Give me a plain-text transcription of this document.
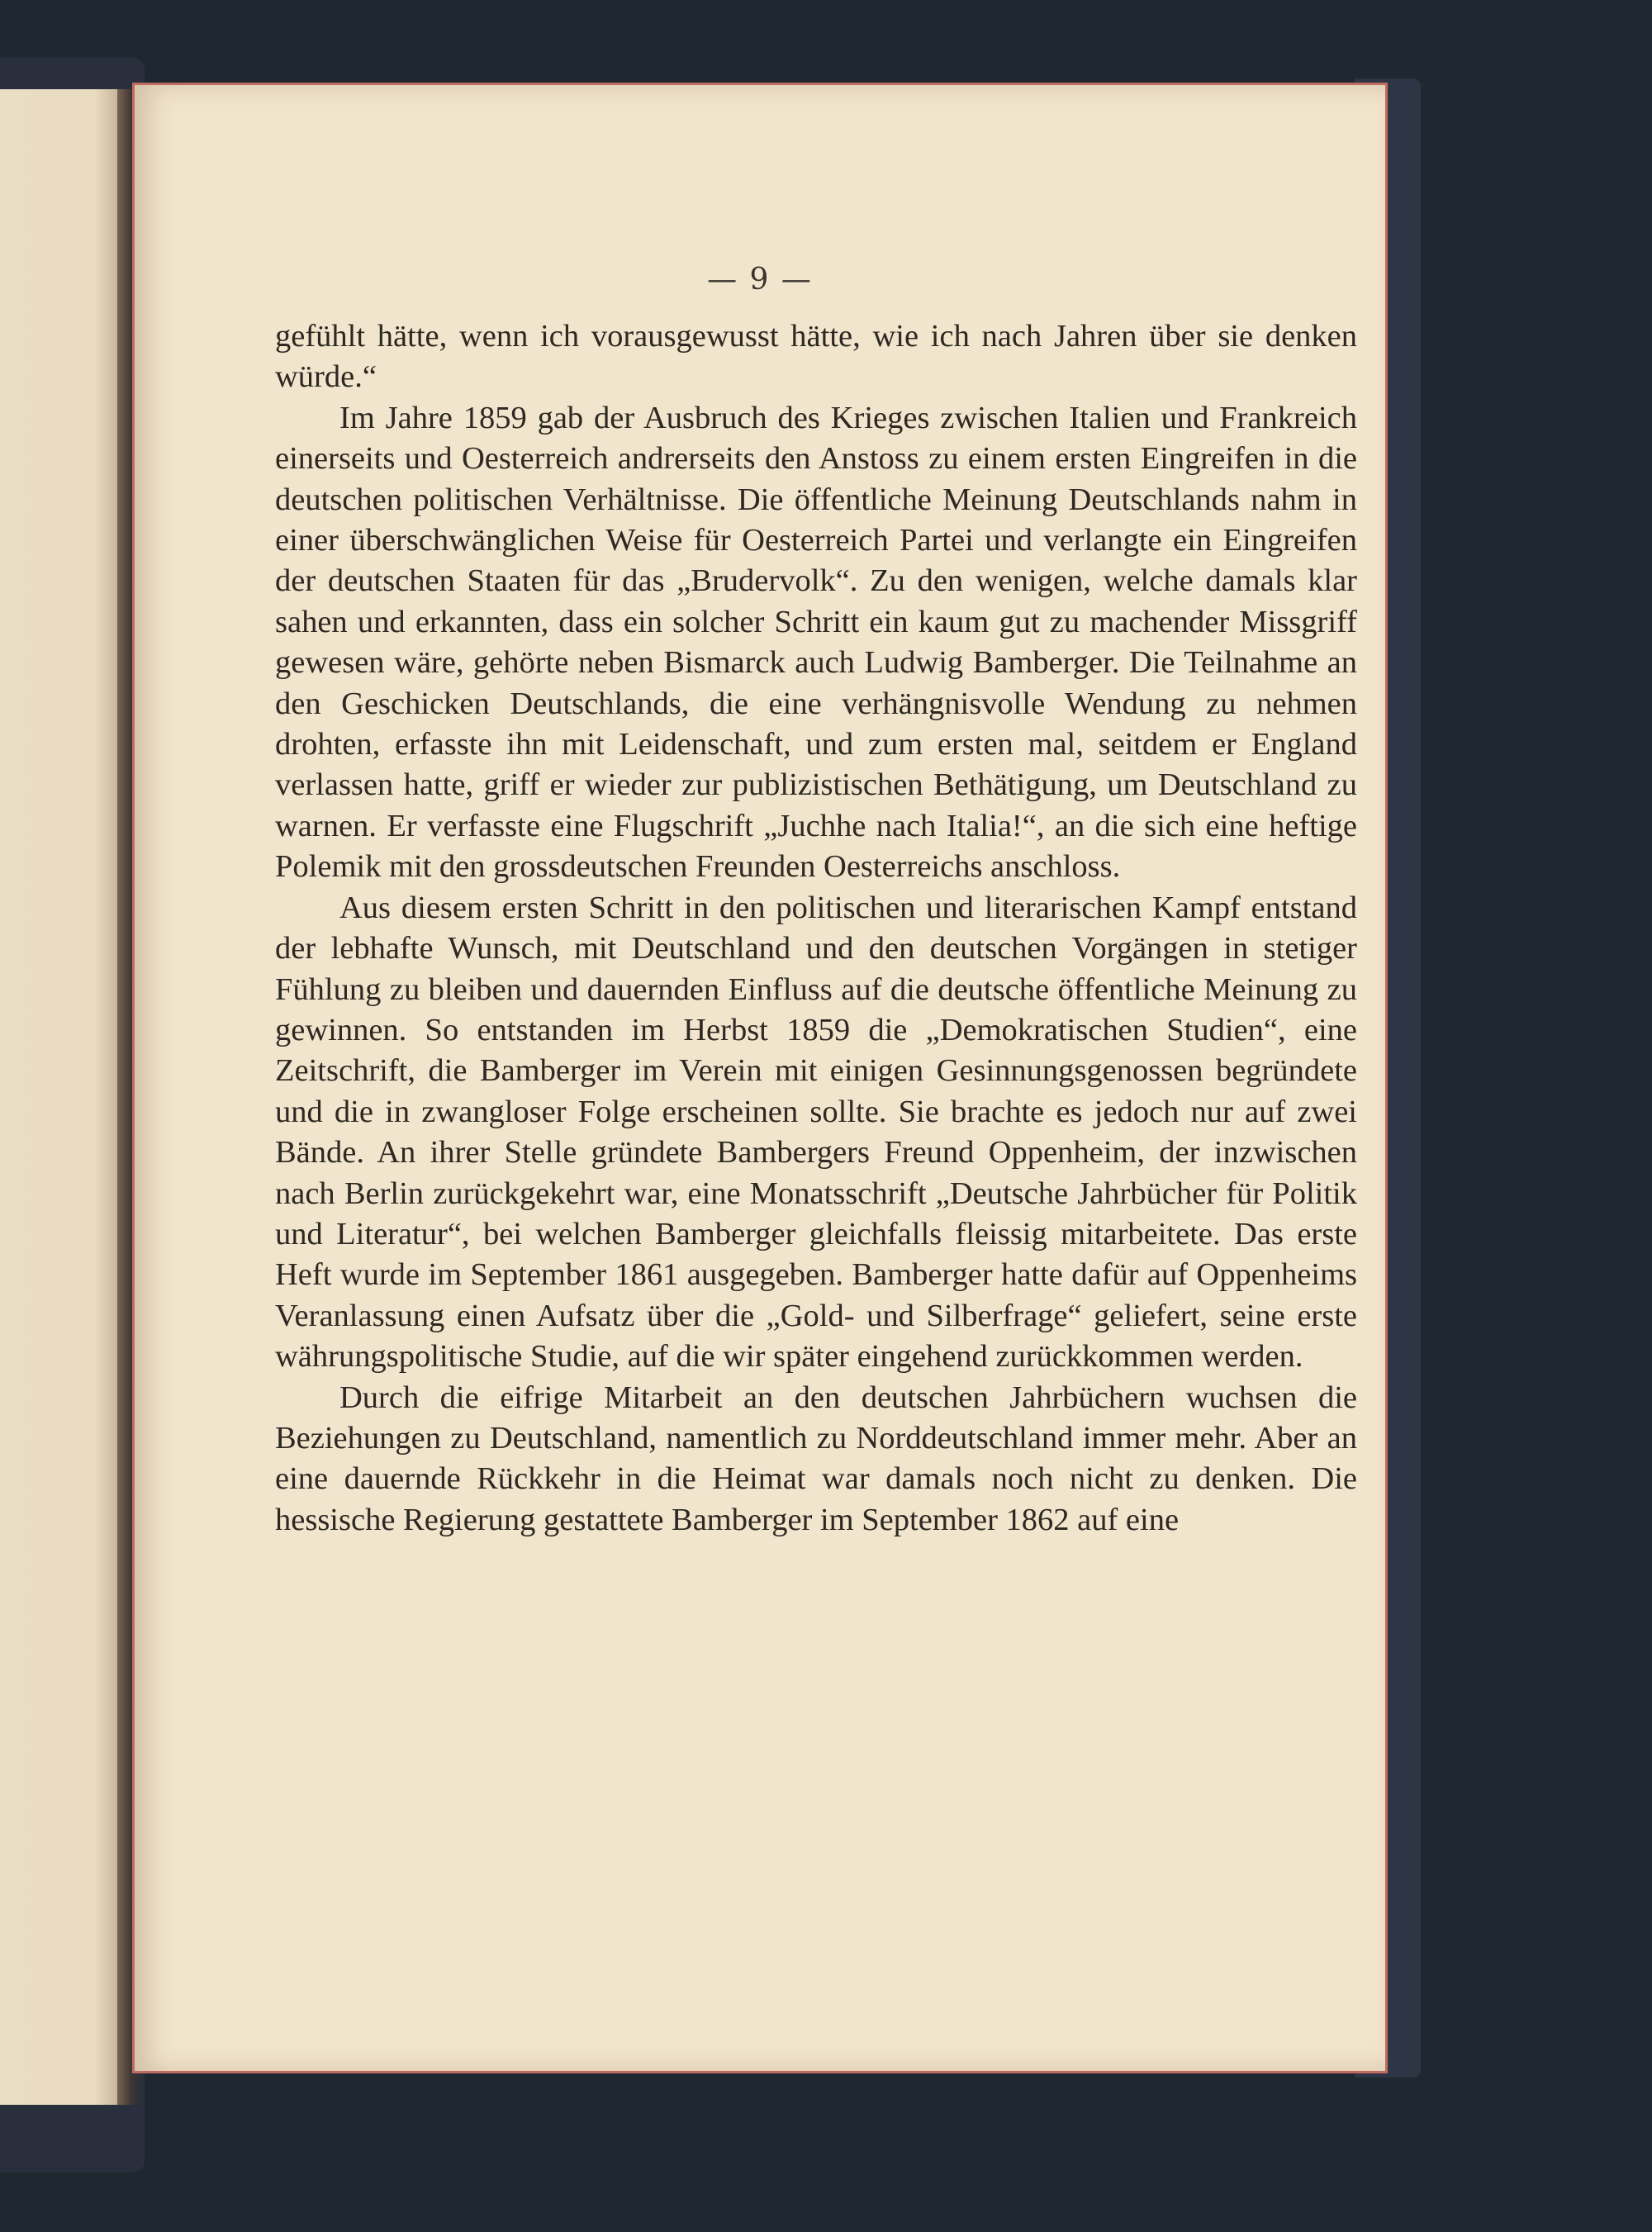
— 9 —

gefühlt hätte, wenn ich vorausgewusst hätte, wie ich nach Jahren über sie denken würde.“

Im Jahre 1859 gab der Ausbruch des Krieges zwischen Italien und Frankreich einerseits und Oesterreich andrerseits den Anstoss zu einem ersten Eingreifen in die deutschen politischen Verhältnisse. Die öffentliche Meinung Deutschlands nahm in einer überschwänglichen Weise für Oesterreich Partei und verlangte ein Eingreifen der deutschen Staaten für das „Brudervolk“. Zu den wenigen, welche damals klar sahen und erkannten, dass ein solcher Schritt ein kaum gut zu machender Missgriff gewesen wäre, gehörte neben Bismarck auch Ludwig Bamberger. Die Teilnahme an den Geschicken Deutschlands, die eine verhängnisvolle Wendung zu nehmen drohten, erfasste ihn mit Leidenschaft, und zum ersten mal, seitdem er England verlassen hatte, griff er wieder zur publizistischen Bethätigung, um Deutschland zu warnen. Er verfasste eine Flugschrift „Juchhe nach Italia!“, an die sich eine heftige Polemik mit den grossdeutschen Freunden Oesterreichs anschloss.

Aus diesem ersten Schritt in den politischen und literarischen Kampf entstand der lebhafte Wunsch, mit Deutschland und den deutschen Vorgängen in stetiger Fühlung zu bleiben und dauernden Einfluss auf die deutsche öffentliche Meinung zu gewinnen. So entstanden im Herbst 1859 die „Demokratischen Studien“, eine Zeitschrift, die Bamberger im Verein mit einigen Gesinnungsgenossen begründete und die in zwangloser Folge erscheinen sollte. Sie brachte es jedoch nur auf zwei Bände. An ihrer Stelle gründete Bambergers Freund Oppenheim, der inzwischen nach Berlin zurückgekehrt war, eine Monatsschrift „Deutsche Jahrbücher für Politik und Literatur“, bei welchen Bamberger gleichfalls fleissig mitarbeitete. Das erste Heft wurde im September 1861 ausgegeben. Bamberger hatte dafür auf Oppenheims Veranlassung einen Aufsatz über die „Gold- und Silberfrage“ geliefert, seine erste währungspolitische Studie, auf die wir später eingehend zurückkommen werden.

Durch die eifrige Mitarbeit an den deutschen Jahrbüchern wuchsen die Beziehungen zu Deutschland, namentlich zu Norddeutschland immer mehr. Aber an eine dauernde Rückkehr in die Heimat war damals noch nicht zu denken. Die hessische Regierung gestattete Bamberger im September 1862 auf eine
